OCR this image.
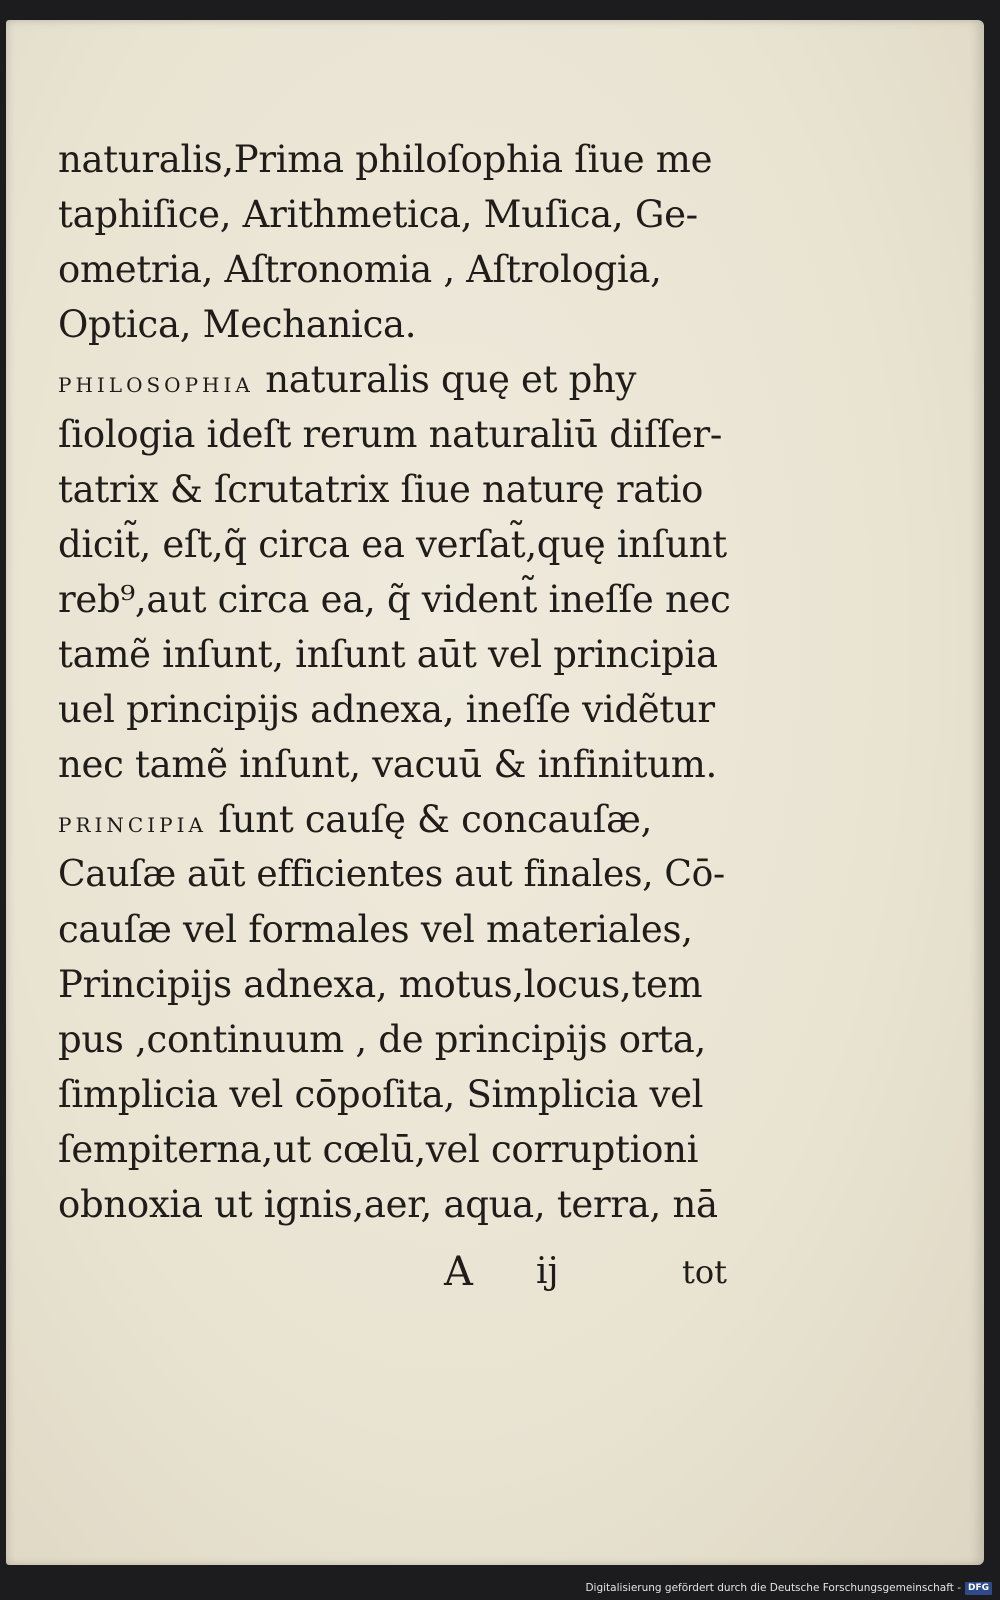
naturalis,Prima philoſophia ſiue me
taphiſice, Arithmetica, Muſica, Ge-
ometria, Aſtronomia , Aſtrologia,
Optica, Mechanica.
PHILOSOPHIA naturalis quę et phy
ſiologia ideſt rerum naturaliū diſſer-
tatrix & ſcrutatrix ſiue naturę ratio
dicit̃, eſt,q̃ circa ea verſat̃,quę inſunt
reb⁹,aut circa ea, q̃ vident̃ ineſſe nec
tamẽ inſunt, inſunt aūt vel principia
uel principijs adnexa, ineſſe vidẽtur
nec tamẽ inſunt, vacuū & infinitum.
PRINCIPIA ſunt cauſę & concauſæ,
Cauſæ aūt efficientes aut finales, Cō-
cauſæ vel formales vel materiales,
Principijs adnexa, motus,locus,tem
pus ,continuum , de principijs orta,
ſimplicia vel cōpoſita, Simplicia vel
ſempiterna,ut cœlū,vel corruptioni
obnoxia ut ignis,aer, aqua, terra, nā
A ij	tot
Digitalisierung gefördert durch die Deutsche Forschungsgemeinschaft - DFG
